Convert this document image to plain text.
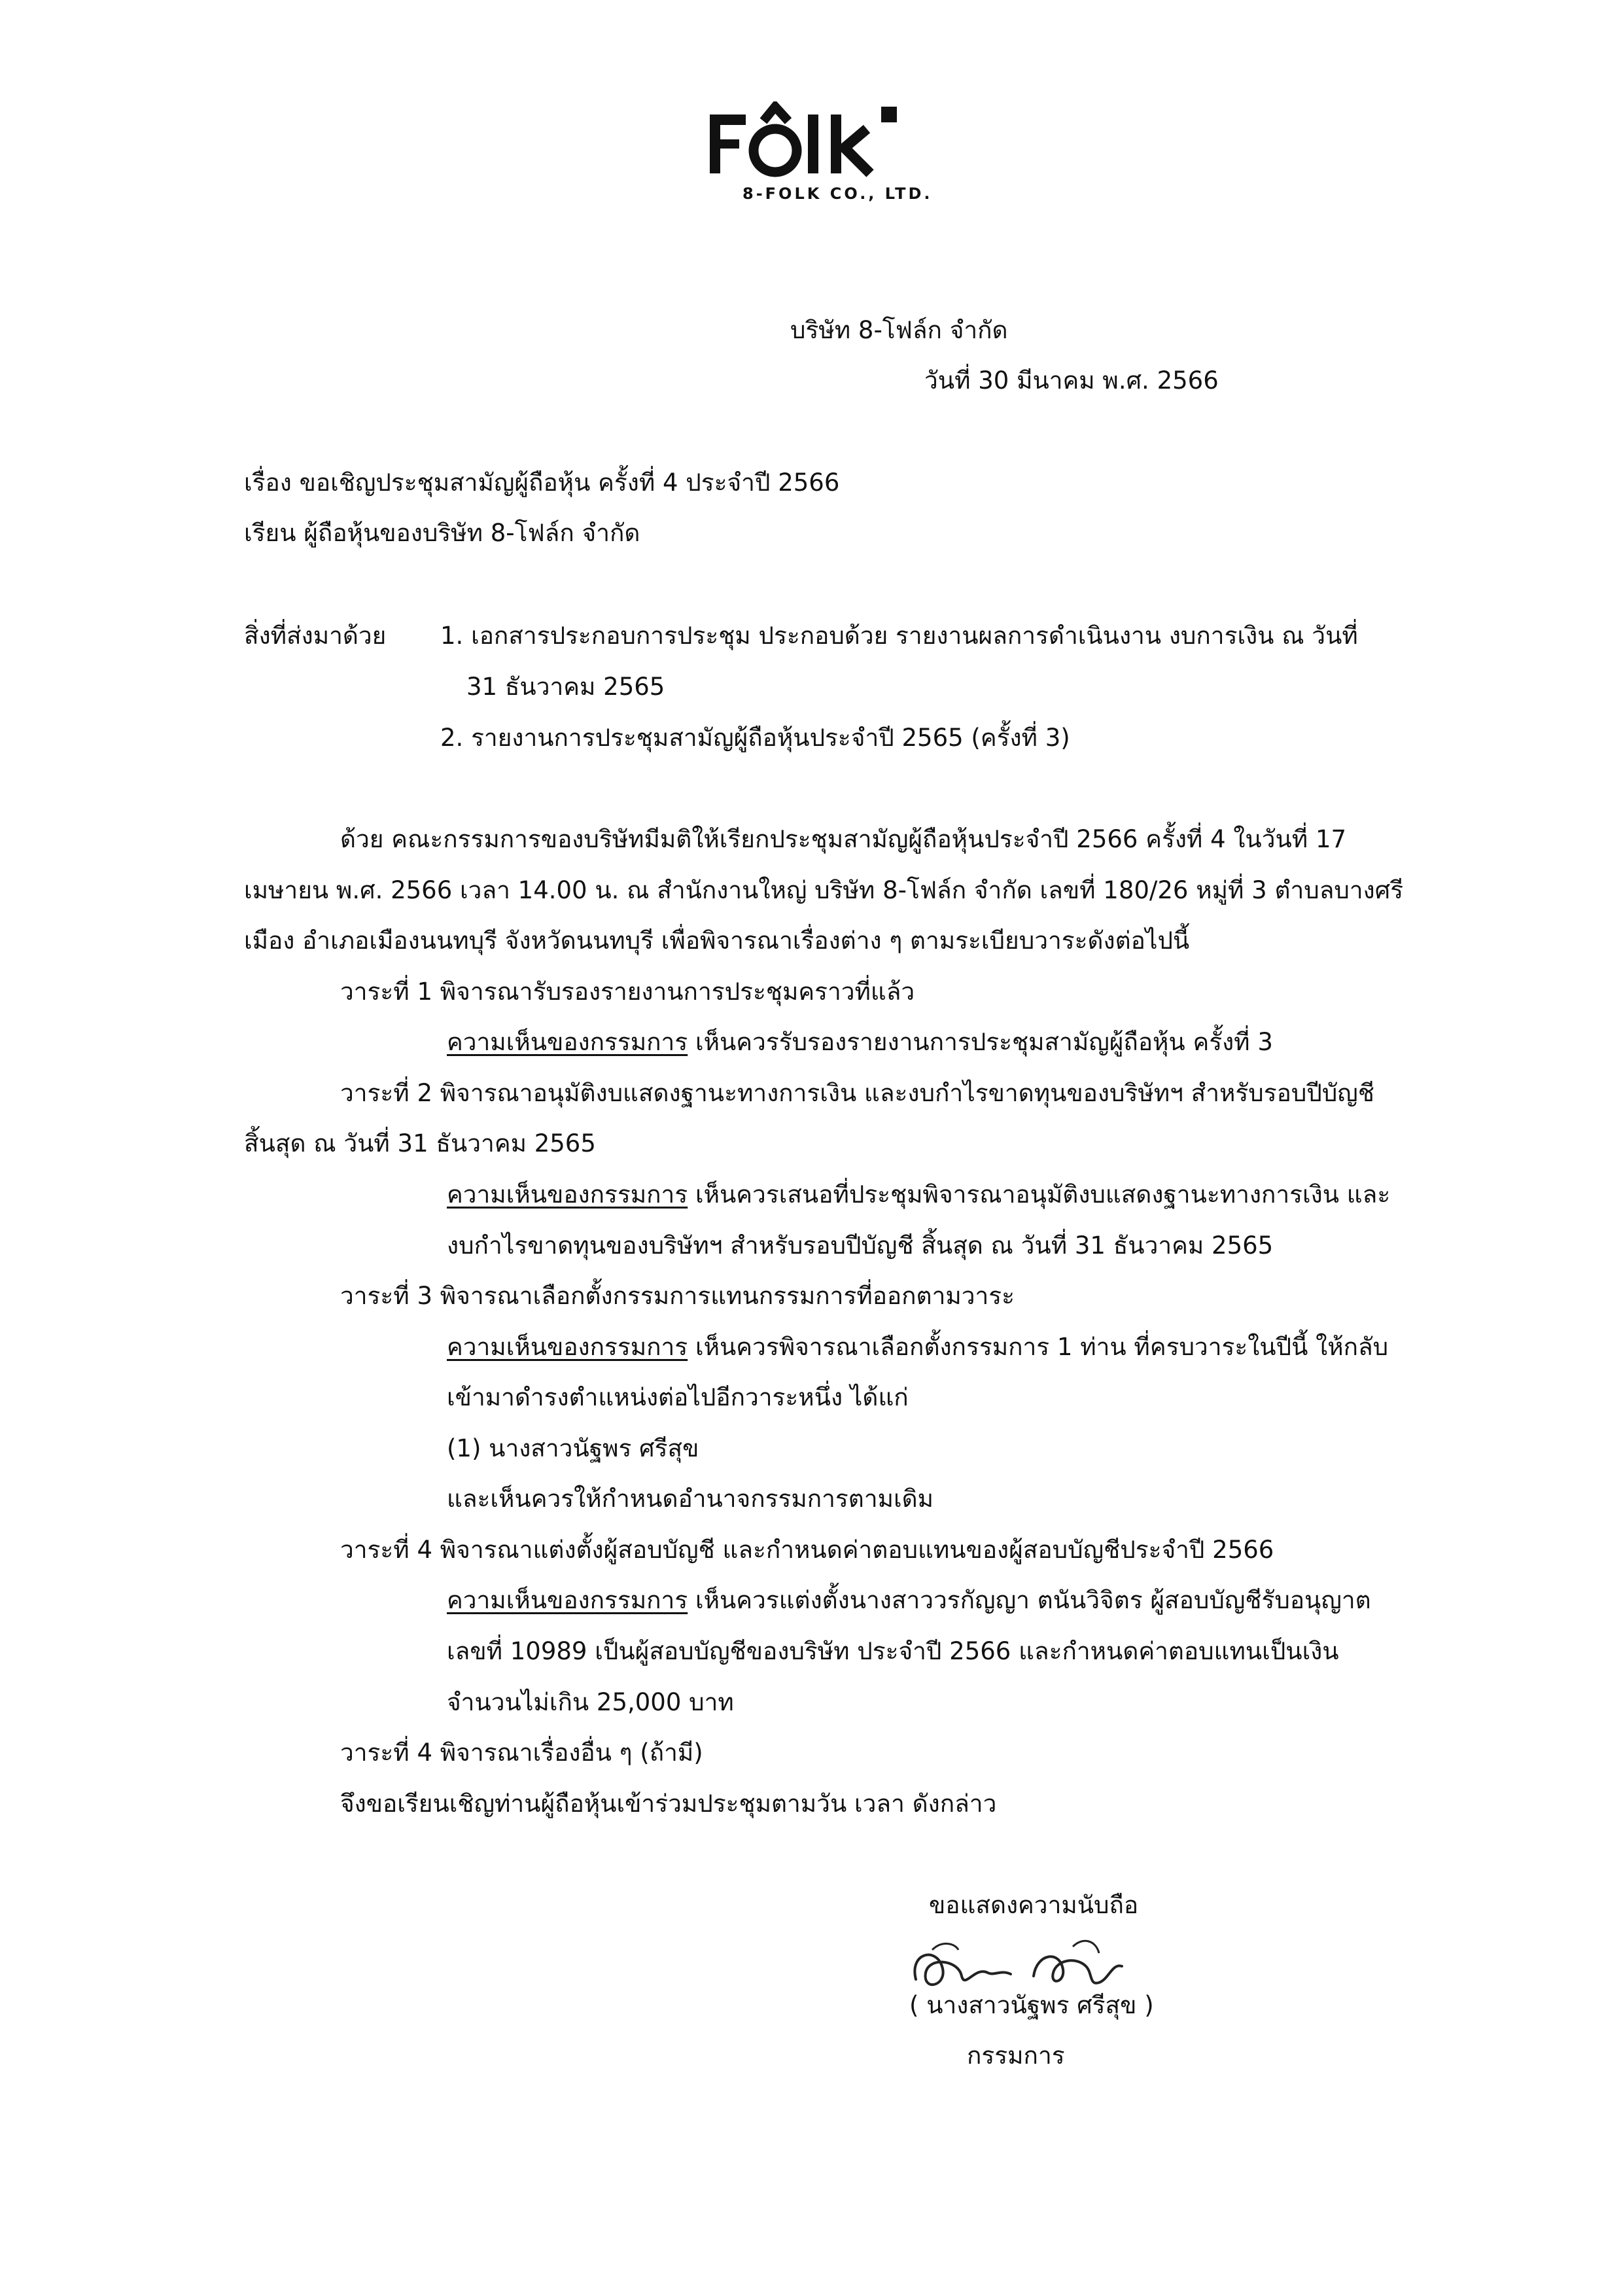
8-FOLK CO., LTD.
บริษัท 8-โฟล์ก จำกัด
วันที่ 30 มีนาคม พ.ศ. 2566
เรื่อง ขอเชิญประชุมสามัญผู้ถือหุ้น ครั้งที่ 4 ประจำปี 2566
เรียน ผู้ถือหุ้นของบริษัท 8-โฟล์ก จำกัด
สิ่งที่ส่งมาด้วย 1. เอกสารประกอบการประชุม ประกอบด้วย รายงานผลการดำเนินงาน งบการเงิน ณ วันที่
31 ธันวาคม 2565
2. รายงานการประชุมสามัญผู้ถือหุ้นประจำปี 2565 (ครั้งที่ 3)
ด้วย คณะกรรมการของบริษัทมีมติให้เรียกประชุมสามัญผู้ถือหุ้นประจำปี 2566 ครั้งที่ 4 ในวันที่ 17
เมษายน พ.ศ. 2566 เวลา 14.00 น. ณ สำนักงานใหญ่ บริษัท 8-โฟล์ก จำกัด เลขที่ 180/26 หมู่ที่ 3 ตำบลบางศรี
เมือง อำเภอเมืองนนทบุรี จังหวัดนนทบุรี เพื่อพิจารณาเรื่องต่าง ๆ ตามระเบียบวาระดังต่อไปนี้
วาระที่ 1 พิจารณารับรองรายงานการประชุมคราวที่แล้ว
ความเห็นของกรรมการ เห็นควรรับรองรายงานการประชุมสามัญผู้ถือหุ้น ครั้งที่ 3
วาระที่ 2 พิจารณาอนุมัติงบแสดงฐานะทางการเงิน และงบกำไรขาดทุนของบริษัทฯ สำหรับรอบปีบัญชี
สิ้นสุด ณ วันที่ 31 ธันวาคม 2565
ความเห็นของกรรมการ เห็นควรเสนอที่ประชุมพิจารณาอนุมัติงบแสดงฐานะทางการเงิน และ
งบกำไรขาดทุนของบริษัทฯ สำหรับรอบปีบัญชี สิ้นสุด ณ วันที่ 31 ธันวาคม 2565
วาระที่ 3 พิจารณาเลือกตั้งกรรมการแทนกรรมการที่ออกตามวาระ
ความเห็นของกรรมการ เห็นควรพิจารณาเลือกตั้งกรรมการ 1 ท่าน ที่ครบวาระในปีนี้ ให้กลับ
เข้ามาดำรงตำแหน่งต่อไปอีกวาระหนึ่ง ได้แก่
(1) นางสาวนัฐพร ศรีสุข
และเห็นควรให้กำหนดอำนาจกรรมการตามเดิม
วาระที่ 4 พิจารณาแต่งตั้งผู้สอบบัญชี และกำหนดค่าตอบแทนของผู้สอบบัญชีประจำปี 2566
ความเห็นของกรรมการ เห็นควรแต่งตั้งนางสาววรกัญญา ตนันวิจิตร ผู้สอบบัญชีรับอนุญาต
เลขที่ 10989 เป็นผู้สอบบัญชีของบริษัท ประจำปี 2566 และกำหนดค่าตอบแทนเป็นเงิน
จำนวนไม่เกิน 25,000 บาท
วาระที่ 4 พิจารณาเรื่องอื่น ๆ (ถ้ามี)
จึงขอเรียนเชิญท่านผู้ถือหุ้นเข้าร่วมประชุมตามวัน เวลา ดังกล่าว
ขอแสดงความนับถือ
( นางสาวนัฐพร ศรีสุข )
กรรมการ
